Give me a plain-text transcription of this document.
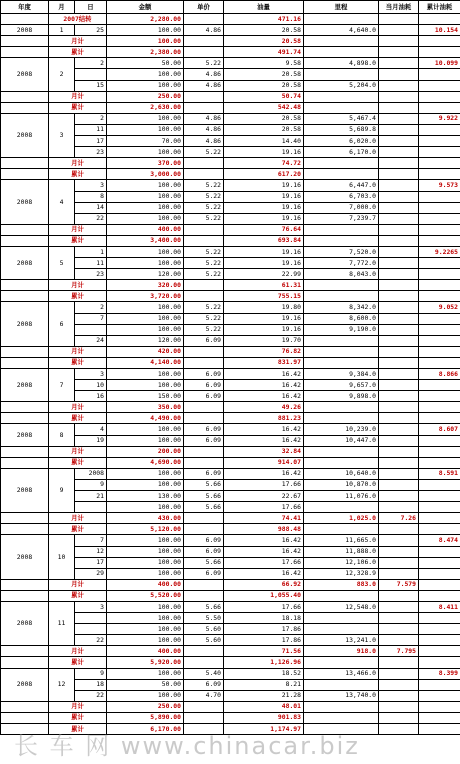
年度	月	日	金额	单价	油量	里程	当月油耗	累计油耗
	2007结转		2,280.00		471.16			
2008	1	25	100.00	4.86	20.58	4,640.0		10.154
	月计		100.00		20.58			
	累计		2,380.00		491.74			
2008	2	2	50.00	5.22	9.58	4,898.0		10.099
			100.00	4.86	20.58			
		15	100.00	4.86	20.58	5,204.0		
	月计		250.00		50.74			
	累计		2,630.00		542.48			
2008	3	2	100.00	4.86	20.58	5,467.4		9.922
		11	100.00	4.86	20.58	5,689.8		
		17	70.00	4.86	14.40	6,020.0		
		23	100.00	5.22	19.16	6,170.0		
	月计		370.00		74.72			
	累计		3,000.00		617.20			
2008	4	3	100.00	5.22	19.16	6,447.0		9.573
		8	100.00	5.22	19.16	6,703.0		
		14	100.00	5.22	19.16	7,000.0		
		22	100.00	5.22	19.16	7,239.7		
	月计		400.00		76.64			
	累计		3,400.00		693.84			
2008	5	1	100.00	5.22	19.16	7,520.0		9.2265
		11	100.00	5.22	19.16	7,772.0		
		23	120.00	5.22	22.99	8,043.0		
	月计		320.00		61.31			
	累计		3,720.00		755.15			
2008	6	2	100.00	5.22	19.80	8,342.0		9.052
		7	100.00	5.22	19.16	8,600.0		
			100.00	5.22	19.16	9,190.0		
		24	120.00	6.09	19.70			
	月计		420.00		76.82			
	累计		4,140.00		831.97			
2008	7	3	100.00	6.09	16.42	9,384.0		8.866
		10	100.00	6.09	16.42	9,657.0		
		16	150.00	6.09	16.42	9,898.0		
	月计		350.00		49.26			
	累计		4,490.00		881.23			
2008	8	4	100.00	6.09	16.42	10,239.0		8.607
		19	100.00	6.09	16.42	10,447.0		
	月计		200.00		32.84			
	累计		4,690.00		914.07			
2008	9	2008	100.00	6.09	16.42	10,640.0		8.591
		9	100.00	5.66	17.66	10,870.0		
		21	130.00	5.66	22.67	11,076.0		
			100.00	5.66	17.66			
	月计		430.00		74.41	1,025.0	7.26	
	累计		5,120.00		988.48			
2008	10	7	100.00	6.09	16.42	11,665.0		8.474
		12	100.00	6.09	16.42	11,888.0		
		17	100.00	5.66	17.66	12,106.0		
		29	100.00	6.09	16.42	12,328.9		
	月计		400.00		66.92	883.0	7.579	
	累计		5,520.00		1,055.40			
2008	11	3	100.00	5.66	17.66	12,548.0		8.411
			100.00	5.50	18.18			
			100.00	5.60	17.86			
		22	100.00	5.60	17.86	13,241.0		
	月计		400.00		71.56	918.0	7.795	
	累计		5,920.00		1,126.96			
2008	12	9	100.00	5.40	18.52	13,466.0		8.399
		18	50.00	6.09	8.21			
		22	100.00	4.70	21.28	13,740.0		
	月计		250.00		48.01			
	累计		5,890.00		901.83			
	累计		6,170.00		1,174.97			
长 车 网 www.chinacar.biz
